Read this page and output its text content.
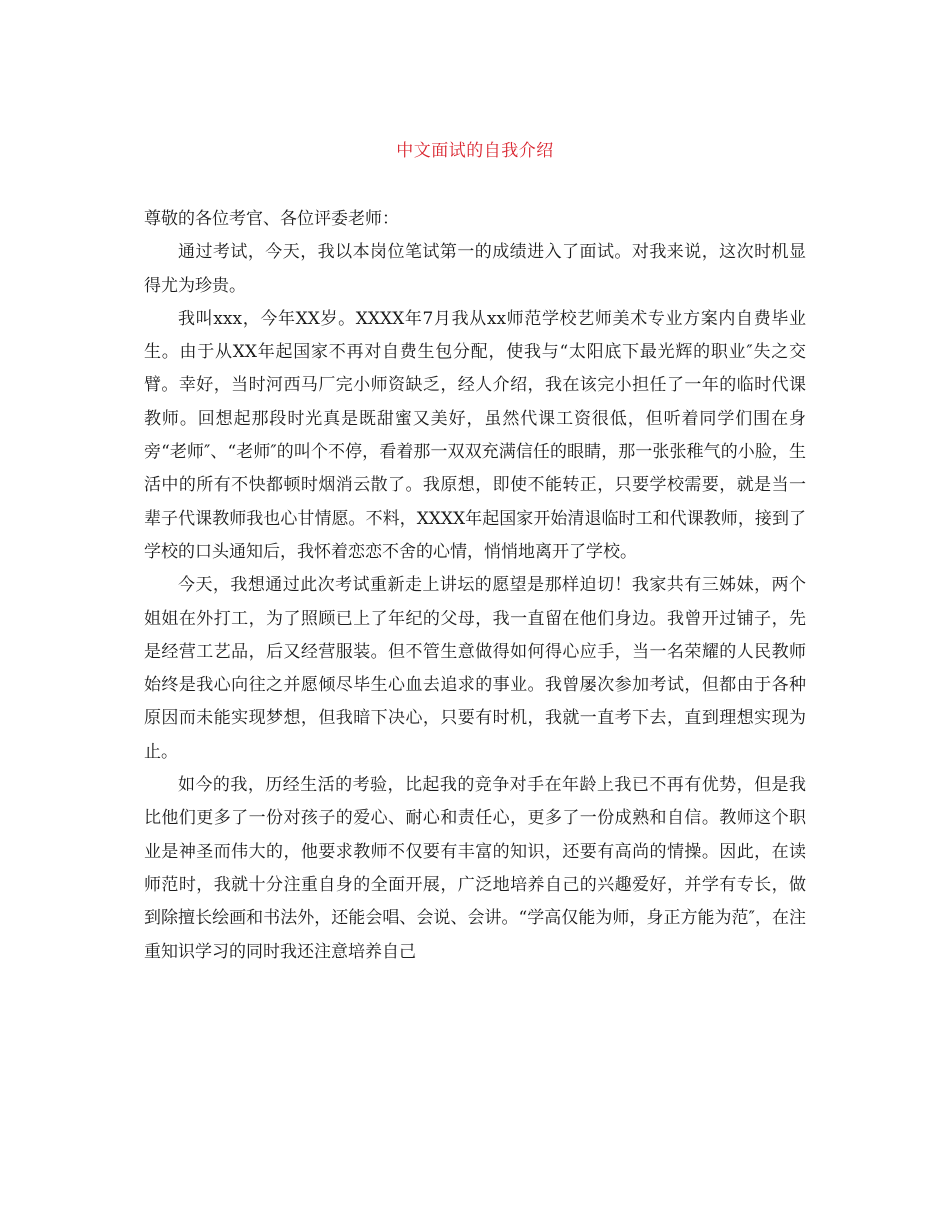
中文面试的自我介绍

尊敬的各位考官、各位评委老师：

通过考试，今天，我以本岗位笔试第一的成绩进入了面试。对我来说，这次时机显得尤为珍贵。

我叫xxx，今年XX岁。XXXX年7月我从xx师范学校艺师美术专业方案内自费毕业生。由于从XX年起国家不再对自费生包分配，使我与“太阳底下最光辉的职业″失之交臂。幸好，当时河西马厂完小师资缺乏，经人介绍，我在该完小担任了一年的临时代课教师。回想起那段时光真是既甜蜜又美好，虽然代课工资很低，但听着同学们围在身旁“老师″、“老师″的叫个不停，看着那一双双充满信任的眼睛，那一张张稚气的小脸，生活中的所有不快都顿时烟消云散了。我原想，即使不能转正，只要学校需要，就是当一辈子代课教师我也心甘情愿。不料，XXXX年起国家开始清退临时工和代课教师，接到了学校的口头通知后，我怀着恋恋不舍的心情，悄悄地离开了学校。

今天，我想通过此次考试重新走上讲坛的愿望是那样迫切！我家共有三姊妹，两个姐姐在外打工，为了照顾已上了年纪的父母，我一直留在他们身边。我曾开过铺子，先是经营工艺品，后又经营服装。但不管生意做得如何得心应手，当一名荣耀的人民教师始终是我心向往之并愿倾尽毕生心血去追求的事业。我曾屡次参加考试，但都由于各种原因而未能实现梦想，但我暗下决心，只要有时机，我就一直考下去，直到理想实现为止。

如今的我，历经生活的考验，比起我的竞争对手在年龄上我已不再有优势，但是我比他们更多了一份对孩子的爱心、耐心和责任心，更多了一份成熟和自信。教师这个职业是神圣而伟大的，他要求教师不仅要有丰富的知识，还要有高尚的情操。因此，在读师范时，我就十分注重自身的全面开展，广泛地培养自己的兴趣爱好，并学有专长，做到除擅长绘画和书法外，还能会唱、会说、会讲。“学高仅能为师，身正方能为范″，在注重知识学习的同时我还注意培养自己
